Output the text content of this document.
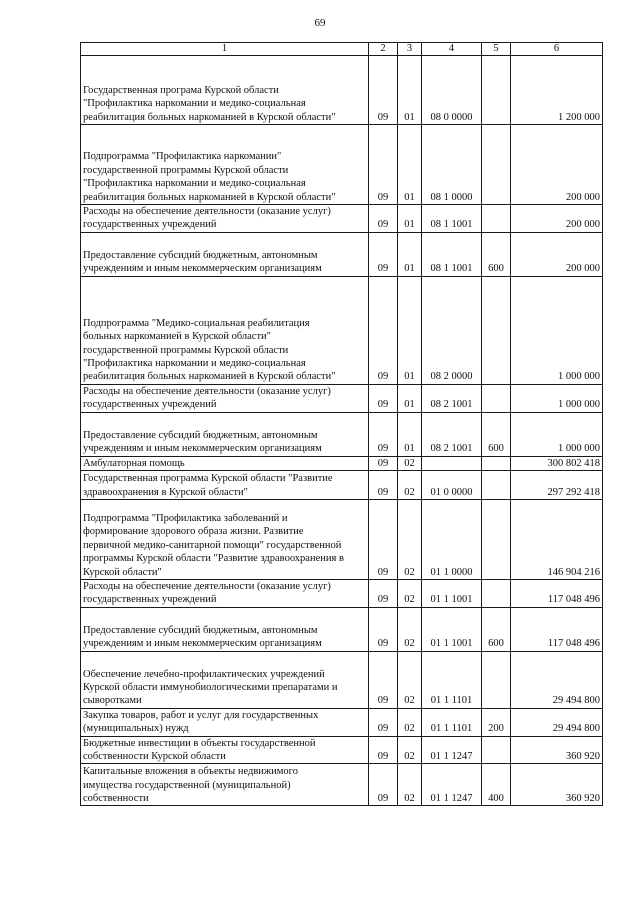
69
1	2	3	4	5	6
Государственная програма Курской области
"Профилактика наркомании и медико-социальная
реабилитация больных наркоманией в Курской области"	09	01	08 0 0000		1 200 000
Подпрограмма "Профилактика наркомании"
государственной программы Курской области
"Профилактика наркомании и медико-социальная
реабилитация больных наркоманией в Курской области"	09	01	08 1 0000		200 000
Расходы на обеспечение деятельности (оказание услуг)
государственных учреждений	09	01	08 1 1001		200 000
Предоставление субсидий бюджетным, автономным
учреждениям и иным некоммерческим организациям	09	01	08 1 1001	600	200 000
Подпрограмма "Медико-социальная реабилитация
больных наркоманией в Курской области"
государственной программы Курской области
"Профилактика наркомании и медико-социальная
реабилитация больных наркоманией в Курской области"	09	01	08 2 0000		1 000 000
Расходы на обеспечение деятельности (оказание услуг)
государственных учреждений	09	01	08 2 1001		1 000 000
Предоставление субсидий бюджетным, автономным
учреждениям и иным некоммерческим организациям	09	01	08 2 1001	600	1 000 000
Амбулаторная помощь	09	02			300 802 418
Государственная программа Курской области "Развитие
здравоохранения в Курской области"	09	02	01 0 0000		297 292 418
Подпрограмма "Профилактика заболеваний и
формирование здорового образа жизни. Развитие
первичной медико-санитарной помощи" государственной
программы Курской области "Развитие здравоохранения в
Курской области"	09	02	01 1 0000		146 904 216
Расходы на обеспечение деятельности (оказание услуг)
государственных учреждений	09	02	01 1 1001		117 048 496
Предоставление субсидий бюджетным, автономным
учреждениям и иным некоммерческим организациям	09	02	01 1 1001	600	117 048 496
Обеспечение лечебно-профилактических учреждений
Курской области иммунобиологическими препаратами и
сыворотками	09	02	01 1 1101		29 494 800
Закупка товаров, работ и услуг для государственных
(муниципальных) нужд	09	02	01 1 1101	200	29 494 800
Бюджетные инвестиции в объекты государственной
собственности Курской области	09	02	01 1 1247		360 920
Капитальные вложения в объекты недвижимого
имущества государственной (муниципальной)
собственности	09	02	01 1 1247	400	360 920
